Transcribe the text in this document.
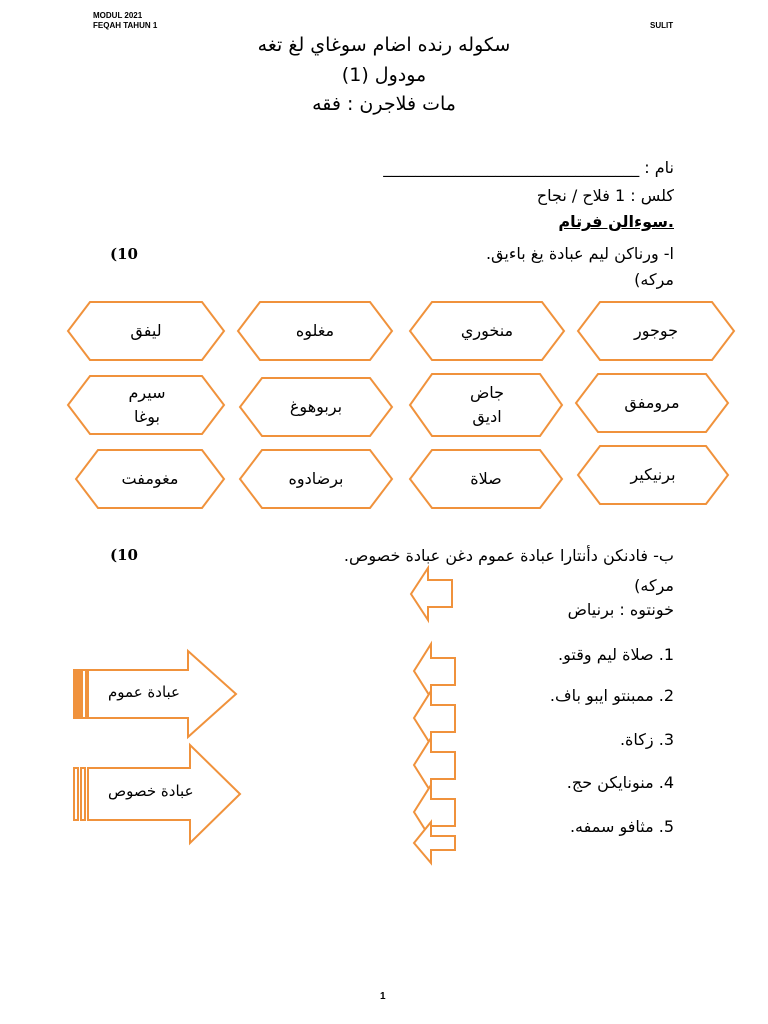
MODUL 2021
FEQAH TAHUN 1	SULIT
سكوله رنده اضام سوغاي لغ تغه
مودول (1)
مات فلاجرن : فقه
نام : ________________________________
كلس : 1 فلاح / نجاح
.سوءالن فرتام
(10	ا- ورناكن ليم عبادة يغ باءيق.
مركه)
جوجور
منخوري
مغلوه
ليفق
مرومفق
جاض اديق
بربوهوغ
سيرم بوغا
برنيكير
صلاة
برضادوه
مغومفت
(10	ب- فادنكن دأنتارا عبادة عموم دغن عبادة خصوص.
مركه)
خونتوه : برنياض
1. صلاة ليم وقتو.
2. ممبنتو ايبو باف.
3. زكاة.
4. منونايكن حج.
5. مثافو سمفه.
عبادة عموم
عبادة خصوص
1
